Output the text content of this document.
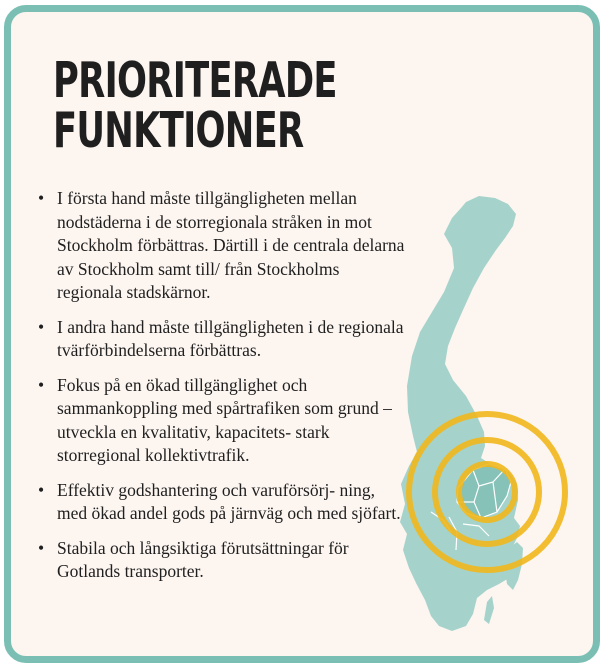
PRIORITERADE
FUNKTIONER
• I första hand måste tillgängligheten mellan nodstäderna i de storregionala stråken in mot Stockholm förbättras. Därtill i de centrala delarna av Stockholm samt till/ från Stockholms regionala stadskärnor.
• I andra hand måste tillgängligheten i de regionala tvärförbindelserna förbättras.
• Fokus på en ökad tillgänglighet och sammankoppling med spårtrafiken som grund – utveckla en kvalitativ, kapacitets- stark storregional kollektivtrafik.
• Effektiv godshantering och varuförsörj- ning, med ökad andel gods på järnväg och med sjöfart.
• Stabila och långsiktiga förutsättningar för Gotlands transporter.
